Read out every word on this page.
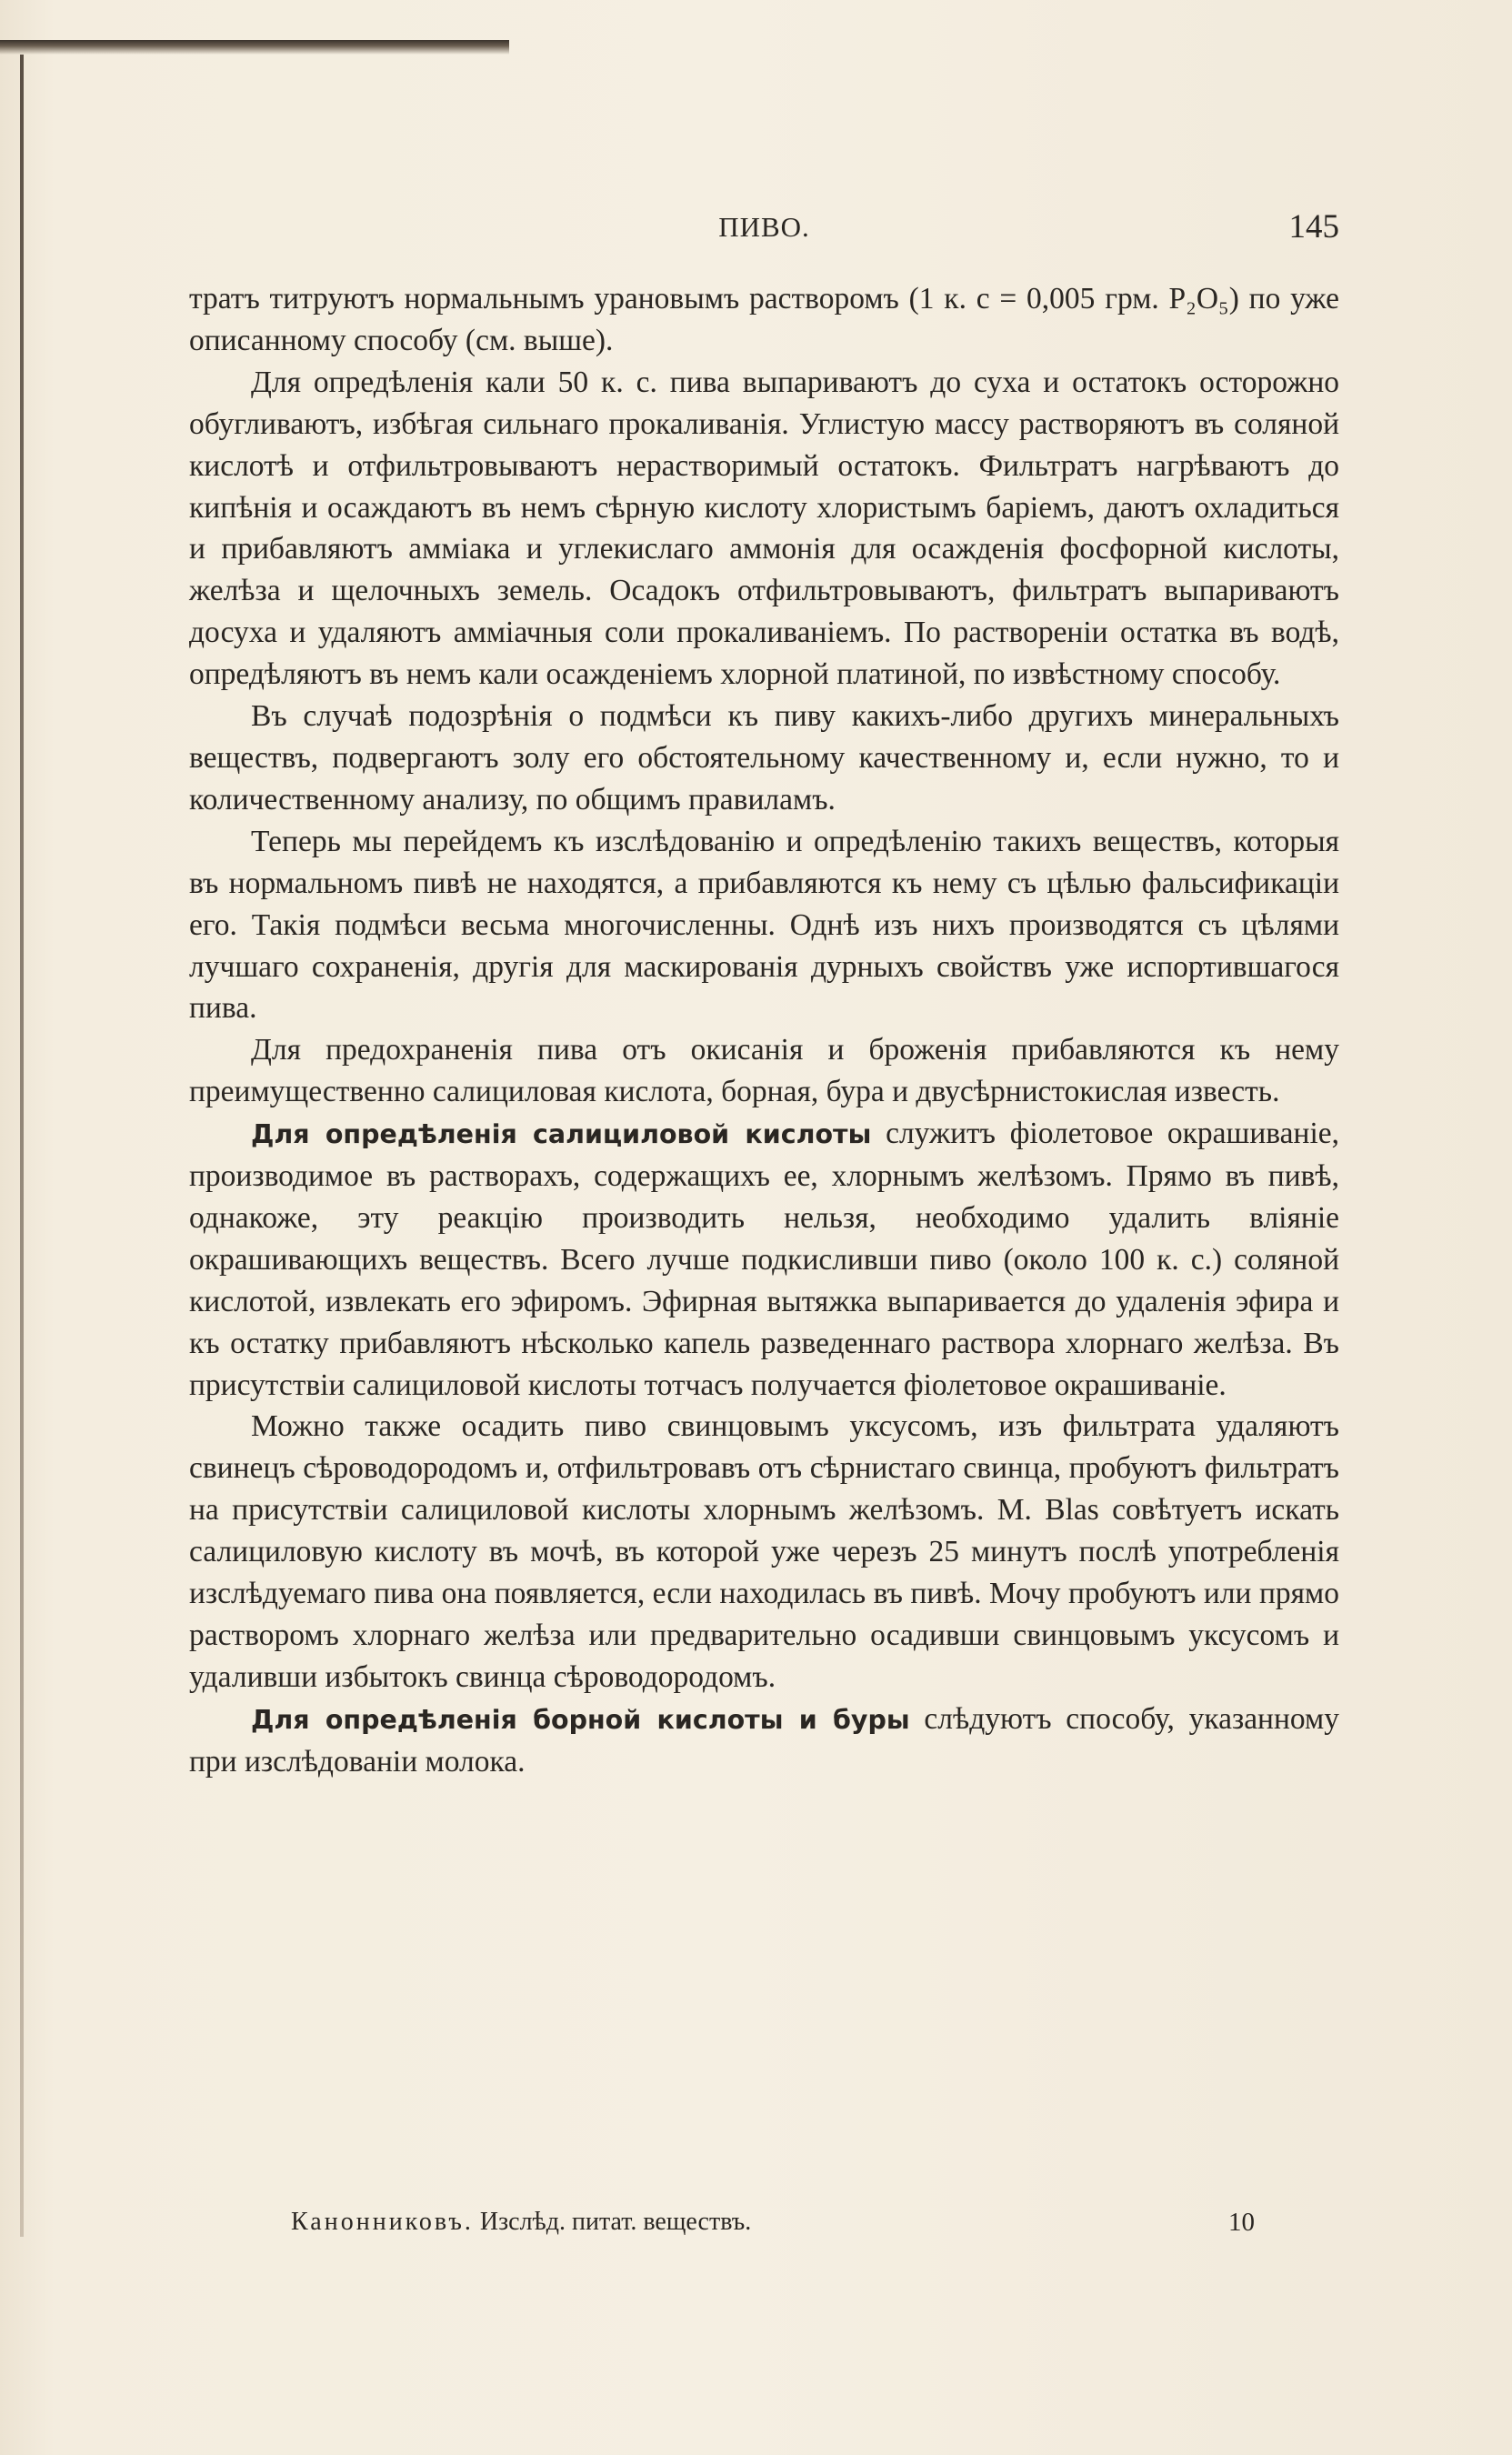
ПИВО.	145

тратъ титруютъ нормальнымъ урановымъ растворомъ (1 к. с = 0,005 грм. P₂O₅) по уже описанному способу (см. выше).

Для опредѣленія кали 50 к. с. пива выпариваютъ до суха и остатокъ осторожно обугливаютъ, избѣгая сильнаго прокаливанія. Углистую массу растворяютъ въ соляной кислотѣ и отфильтровываютъ нерастворимый остатокъ. Фильтратъ нагрѣваютъ до кипѣнія и осаждаютъ въ немъ сѣрную кислоту хлористымъ баріемъ, даютъ охладиться и прибавляютъ амміака и углекислаго аммонія для осажденія фосфорной кислоты, желѣза и щелочныхъ земель. Осадокъ отфильтровываютъ, фильтратъ выпариваютъ досуха и удаляютъ амміачныя соли прокаливаніемъ. По раствореніи остатка въ водѣ, опредѣляютъ въ немъ кали осажденіемъ хлорной платиной, по извѣстному способу.

Въ случаѣ подозрѣнія о подмѣси къ пиву какихъ-либо другихъ минеральныхъ веществъ, подвергаютъ золу его обстоятельному качественному и, если нужно, то и количественному анализу, по общимъ правиламъ.

Теперь мы перейдемъ къ изслѣдованію и опредѣленію такихъ веществъ, которыя въ нормальномъ пивѣ не находятся, а прибавляются къ нему съ цѣлью фальсификаціи его. Такія подмѣси весьма многочисленны. Однѣ изъ нихъ производятся съ цѣлями лучшаго сохраненія, другія для маскированія дурныхъ свойствъ уже испортившагося пива.

Для предохраненія пива отъ окисанія и броженія прибавляются къ нему преимущественно салициловая кислота, борная, бура и двусѣрнистокислая известь.

Для опредѣленія салициловой кислоты служитъ фіолетовое окрашиваніе, производимое въ растворахъ, содержащихъ ее, хлорнымъ желѣзомъ. Прямо въ пивѣ, однакоже, эту реакцію производить нельзя, необходимо удалить вліяніе окрашивающихъ веществъ. Всего лучше подкисливши пиво (около 100 к. с.) соляной кислотой, извлекать его эфиромъ. Эфирная вытяжка выпаривается до удаленія эфира и къ остатку прибавляютъ нѣсколько капель разведеннаго раствора хлорнаго желѣза. Въ присутствіи салициловой кислоты тотчасъ получается фіолетовое окрашиваніе.

Можно также осадить пиво свинцовымъ уксусомъ, изъ фильтрата удаляютъ свинецъ сѣроводородомъ и, отфильтровавъ отъ сѣрнистаго свинца, пробуютъ фильтратъ на присутствіи салициловой кислоты хлорнымъ желѣзомъ. М. Blas совѣтуетъ искать салициловую кислоту въ мочѣ, въ которой уже черезъ 25 минутъ послѣ употребленія изслѣдуемаго пива она появляется, если находилась въ пивѣ. Мочу пробуютъ или прямо растворомъ хлорнаго желѣза или предварительно осадивши свинцовымъ уксусомъ и удаливши избытокъ свинца сѣроводородомъ.

Для опредѣленія борной кислоты и буры слѣдуютъ способу, указанному при изслѣдованіи молока.

Канонниковъ. Изслѣд. питат. веществъ.	10
